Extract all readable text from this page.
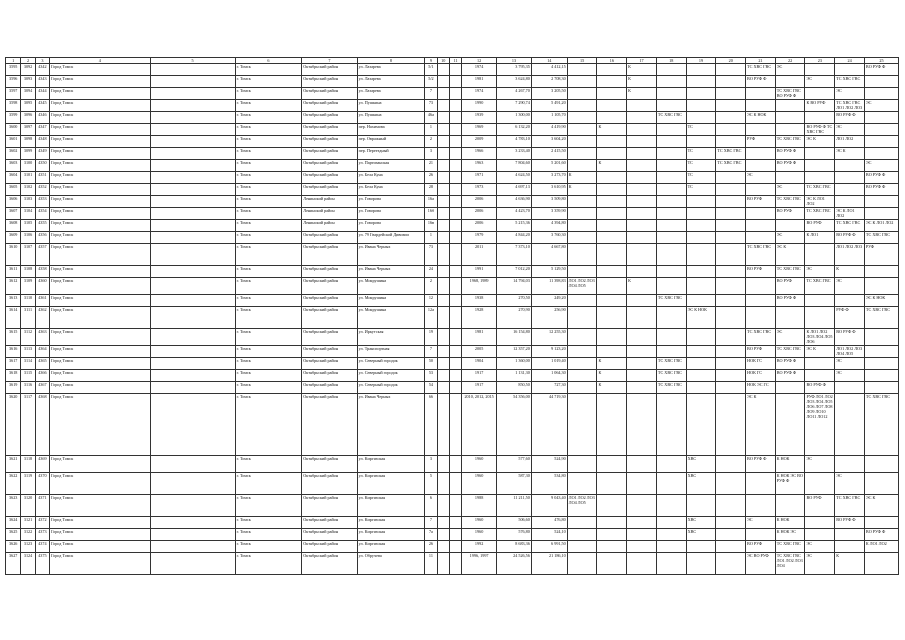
1	2	3	4	5	6	7	8	9	10	11	12	13	14	15	16	17	18	19	20	21	22	23	24	25
3595	3092	4342	Город Томск		г. Томск	Октябрьский район	ул. Лазарева	5/1			1974	3 795,35	4 412,15			К				ТС ХВС ГВС	ЭС			ВО РУФ Ф
3596	3093	4343	Город Томск		г. Томск	Октябрьский район	ул. Лазарева	5/2			1981	3 624,80	2 708,30			К				ВО РУФ Ф		ЭС	ТС ХВС ГВС	
3597	3094	4344	Город Томск		г. Томск	Октябрьский район	ул. Лазарева	7			1974	4 267,70	3 205,50			К					ТС ХВС ГВС ВО РУФ Ф		ЭС	
3598	3095	4345	Город Томск		г. Томск	Октябрьский район	ул. Пушкина	73			1990	7 290,74	5 491,20									К ВО РУФ	ТС ХВС ГВС ЛО1 ЛО2 ЛО3	ЭС
3599	3096	4346	Город Томск		г. Томск	Октябрьский район	ул. Пушкина	46а			1939	1 300,00	1 105,70				ТС ХВС ГВС			ЭС К НОК			ВО РУФ Ф	
3600	3097	4347	Город Томск		г. Томск	Октябрьский район	пер. Нахимова	1			1969	6 132,20	4 419,90		К			ТС				ВО РУФ Ф ТС ХВС ГВС	ЭС	
3601	3098	4348	Город Томск		г. Томск	Октябрьский район	пер. Овражный	2			2009	4 783,10	3 604,20							РУФ	ТС ХВС ГВС	ЭС К	ЛО1 ЛО2	
3602	3099	4349	Город Томск		г. Томск	Октябрьский район	пер. Переездный	3			1966	3 233,40	2 415,50					ТС	ТС ХВС ГВС		ВО РУФ Ф		ЭС К	
3603	3100	4350	Город Томск		г. Томск	Октябрьский район	ул. Партизанская	21			1963	7 804,60	5 201,60		К			ТС	ТС ХВС ГВС		ВО РУФ Ф			ЭС
3604	3101	4351	Город Томск		г. Томск	Октябрьский район	ул. Бела Куна	26			1971	4 624,50	3 273,70	К				ТС		ЭС				ВО РУФ Ф
3605	3102	4352	Город Томск		г. Томск	Октябрьский район	ул. Бела Куна	28			1973	4 697,13	3 610,95	К				ТС			ЭС	ТС ХВС ГВС		ВО РУФ Ф
3606	3103	4353	Город Томск		г. Томск	Ленинский район	ул. Говорова	16а			2006	4 636,90	3 509,80							ВО РУФ	ТС ХВС ГВС	ЭС К ЛО1 ЛО2		
3607	3104	4354	Город Томск		г. Томск	Ленинский район	ул. Говорова	16б			2006	4 423,70	3 359,90								ВО РУФ	ТС ХВС ГВС	ЭС К ЛО1 ЛО2	
3608	3105	4355	Город Томск		г. Томск	Ленинский район	ул. Говорова	16в			2006	5 215,36	4 394,80									ВО РУФ	ТС ХВС ГВС	ЭС К ЛО1 ЛО2
3609	3106	4356	Город Томск		г. Томск	Октябрьский район	ул. 79 Гвардейской Дивизии	1			1979	4 844,20	3 760,30								ЭС	К ЛО1	ВО РУФ Ф	ТС ХВС ГВС
3610	3107	4357	Город Томск		г. Томск	Октябрьский район	ул. Ивана Черных	73			2011	7 373,10	4 667,80							ТС ХВС ГВС	ЭС К		ЛО1 ЛО2 ЛО3	РУФ
3611	3108	4358	Город Томск		г. Томск	Октябрьский район	ул. Ивана Черных	24			1991	7 012,20	5 129,50							ВО РУФ	ТС ХВС ГВС	ЭС	К	
3612	3109	4360	Город Томск		г. Томск	Октябрьский район	ул. Мокрушина	2			1968, 1989	14 794,03	11 398,83	ЛО1 ЛО2 ЛО3 ЛО4 ЛО5		К					ВО РУФ	ТС ХВС ГВС	ЭС	
3613	3110	4361	Город Томск		г. Томск	Октябрьский район	ул. Мокрушина	12			1938	270,50	249,20				ТС ХВС ГВС				ВО РУФ Ф			ЭС К НОК
3614	3111	4362	Город Томск		г. Томск	Октябрьский район	ул. Мокрушина	12а			1928	270,90	256,90					ЭС К НОК					РУФ Ф	ТС ХВС ГВС
3615	3112	4363	Город Томск		г. Томск	Октябрьский район	ул. Иркутская	19			1981	16 154,80	12 255,30							ТС ХВС ГВС	ЭС	К ЛО1 ЛО2 ЛО3 ЛО4 ЛО5 ЛО6	ВО РУФ Ф	
3616	3113	4364	Город Томск		г. Томск	Октябрьский район	ул. Транспортная	7			2005	12 357,20	9 123,20							ВО РУФ	ТС ХВС ГВС	ЭС К	ЛО1 ЛО2 ЛО3 ЛО4 ЛО5	
3617	3114	4365	Город Томск		г. Томск	Октябрьский район	ул. Северный городок	50			1904	1 360,00	1 019,40		К		ТС ХВС ГВС			НОК ГС	ВО РУФ Ф		ЭС	
3618	3115	4366	Город Томск		г. Томск	Октябрьский район	ул. Северный городок	53			1917	1 131,30	1 064,30		К		ТС ХВС ГВС			НОК ГС	ВО РУФ Ф		ЭС	
3619	3116	4367	Город Томск		г. Томск	Октябрьский район	ул. Северный городок	54			1917	850,50	727,30		К		ТС ХВС ГВС			НОК ЭС ГС		ВО РУФ Ф		
3620	3117	4368	Город Томск		г. Томск	Октябрьский район	ул. Ивана Черных	66			2010, 2012, 2015	54 356,00	44 719,30							ЭС К		РУФ ЛО1 ЛО2 ЛО3 ЛО4 ЛО5 ЛО6 ЛО7 ЛО8 ЛО9 ЛО10 ЛО11 ЛО12		ТС ХВС ГВС
3621	3118	4369	Город Томск		г. Томск	Октябрьский район	ул. Киргизская	3			1960	577,60	524,90					ХВС		ВО РУФ Ф	К НОК	ЭС		
3622	3119	4370	Город Томск		г. Томск	Октябрьский район	ул. Киргизская	5			1960	587,30	534,80					ХВС			К НОК ЭС ВО РУФ Ф		ЭС	
3623	3120	4371	Город Томск		г. Томск	Октябрьский район	ул. Киргизская	6			1988	11 211,50	9 043,40	ЛО1 ЛО2 ЛО3 ЛО4 ЛО5								ВО РУФ	ТС ХВС ГВС	ЭС К
3624	3121	4372	Город Томск		г. Томск	Октябрьский район	ул. Киргизская	7			1960	506,60	476,80					ХВС		ЭС	К НОК		ВО РУФ Ф	
3625	3122	4373	Город Томск		г. Томск	Октябрьский район	ул. Киргизская	7а			1960	576,80	524,10					ХВС			К НОК ЭС			ВО РУФ Ф
3626	3123	4374	Город Томск		г. Томск	Октябрьский район	ул. Киргизская	26			1992	8 683,36	6 991,50							ВО РУФ	ТС ХВС ГВС	ЭС		К ЛО1 ЛО2
3627	3124	4375	Город Томск		г. Томск	Октябрьский район	ул. Обручева	11			1996, 1997	24 526,56	21 186,10							ЭС ВО РУФ	ТС ХВС ГВС ЛО1 ЛО2 ЛО3 ЛО4	ЭС	К	
